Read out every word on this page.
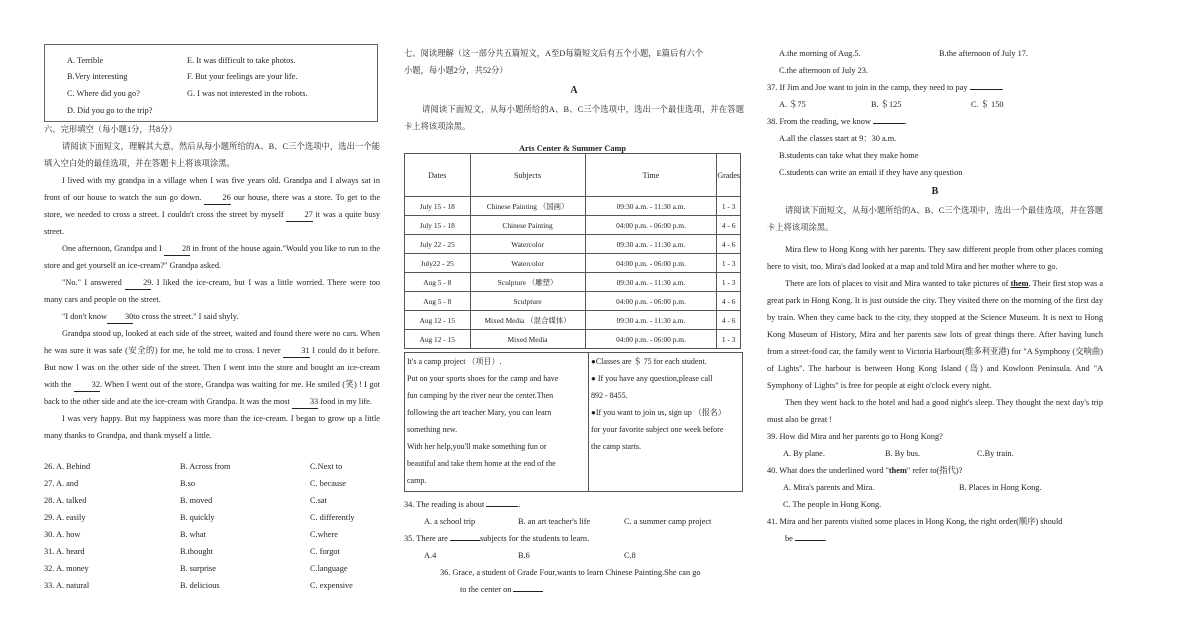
A. Terrible	E. It was difficult to take photos.
B.Very interesting	F. But your feelings are your life.
C. Where did you go?	G. I was not interested in the robots.
D. Did you go to the trip?
六、完形填空（每小题1分，共8分）
请阅读下面短文，理解其大意，然后从每小题所给的A、B、C三个选项中，选出一个能填入空白处的最佳选项，并在答题卡上将该项涂黑。
I lived with my grandpa in a village when I was five years old. Grandpa and I always sat in front of our house to watch the sun go down.	26 our house, there was a store. To get to the store, we needed to cross a street. I couldn't cross the street by myself	27 it was a quite busy street.
One afternoon, Grandpa and I 28 in front of the house again."Would you like to run to the store and get yourself an ice-cream?" Grandpa asked.
"No." I answered	29. I liked the ice-cream, but I was a little worried. There were too many cars and people on the street.
"I don't know 30to cross the street." I said shyly.
Grandpa stood up, looked at each side of the street, waited and found there were no cars. When he was sure it was safe (安全的) for me, he told me to cross. I never 31 I could do it before. But now I was on the other side of the street. Then I went into the store and bought an ice-cream with the 32. When I went out of the store, Grandpa was waiting for me. He smiled (笑) ! I got back to the other side and ate the ice-cream with Grandpa. It was the most 33 food in my life.
I was very happy. But my happiness was more than the ice-cream. I began to grow up a little many thanks to Grandpa, and thank myself a little.
26. A. Behind	B. Across from	C.Next to
27. A. and	B.so	C. because
28. A. talked	B. moved	C.sat
29. A. easily	B. quickly	C. differently
30. A. how	B. what	C.where
31. A. heard	B.thought	C. forgot
32. A. money	B. surprise	C.language
33. A. natural	B. delicious	C. expensive
七、阅读理解（这一部分共五篇短文，A至D每篇短文后有五个小题，E篇后有六个
小题，每小题2分，共52分）
A
请阅读下面短文，从每小题所给的A、B、C三个选项中，选出一个最佳选项，并在答题卡上将该项涂黑。
Arts Center & Summer Camp
Dates	Subjects	Time	Grades
July 15 - 18	Chinese Painting （国画）	09:30 a.m. - 11:30 a.m.	1 - 3
July 15 - 18	Chinese Painting	04:00 p.m. - 06:00 p.m.	4 - 6
July 22 - 25	Watercolor	09:30 a.m. - 11:30 a.m.	4 - 6
July22 - 25	Watercolor	04:00 p.m. - 06:00 p.m.	1 - 3
Aug 5 - 8	Sculpture （雕塑）	09:30 a.m. - 11:30 a.m.	1 - 3
Aug 5 - 8	Sculpture	04:00 p.m. - 06:00 p.m.	4 - 6
Aug 12 - 15	Mixed Media （混合媒体）	09:30 a.m. - 11:30 a.m.	4 - 6
Aug 12 - 15	Mixed Media	04:00 p.m. - 06:00 p.m.	1 - 3
It's a camp project （项目）.
Put on your sports shoes for the camp and have
fun camping by the river near the center.Then
following the art teacher Mary, you can learn
something new.
With her help,you'll make something fun or
beautiful and take them home at the end of the
camp.
●Classes are ＄ 75 for each student.
● If you have any question,please call
892 - 8455.
●If you want to join us, sign up （报名）
for your favorite subject one week before
the camp starts.
34. The reading is about	.
A. a school trip	B. an art teacher's life	C. a summer camp project
35. There are	subjects for the students to learn.
A.4	B.6	C.8
36. Grace, a student of Grade Four,wants to learn Chinese Painting.She can go
to the center on
A.the morning of Aug.5.	B.the afternoon of July 17.
C.the afternoon of July 23.
37. If Jim and Joe want to join in the camp, they need to pay	.
A. ＄75	B. ＄125	C. ＄ 150
38. From the reading, we know	.
A.all the classes start at 9：30 a.m.
B.students can take what they make home
C.students can write an email if they have any question
B
请阅读下面短文，从每小题所给的A、B、C三个选项中，选出一个最佳选项，并在答题卡上将该项涂黑。
Mira flew to Hong Kong with her parents. They saw different people from other places coming here to visit, too. Mira's dad looked at a map and told Mira and her mother where to go.
There are lots of places to visit and Mira wanted to take pictures of them. Their first stop was a great park in Hong Kong. It is just outside the city. They visited there on the morning of the first day by train. When they came back to the city, they stopped at the Science Museum. It is next to Hong Kong Museum of History, Mira and her parents saw lots of great things there. After having lunch from a street-food car, the family went to Victoria Harbour(维多利亚港) for "A Symphony (交响曲) of Lights". The harbour is between Hong Kong Island (岛) and Kowloon Peninsula. And "A Symphony of Lights" is free for people at eight o'clock every night.
Then they went back to the hotel and had a good night's sleep. They thought the next day's trip must also be great !
39. How did Mira and her parents go to Hong Kong?
A. By plane.	B. By bus.	C.By train.
40. What does the underlined word "them" refer to(指代)?
A. Mira's parents and Mira.	B. Places in Hong Kong.
C. The people in Hong Kong.
41. Mira and her parents visited some places in Hong Kong, the right order(顺序) should
be	.
